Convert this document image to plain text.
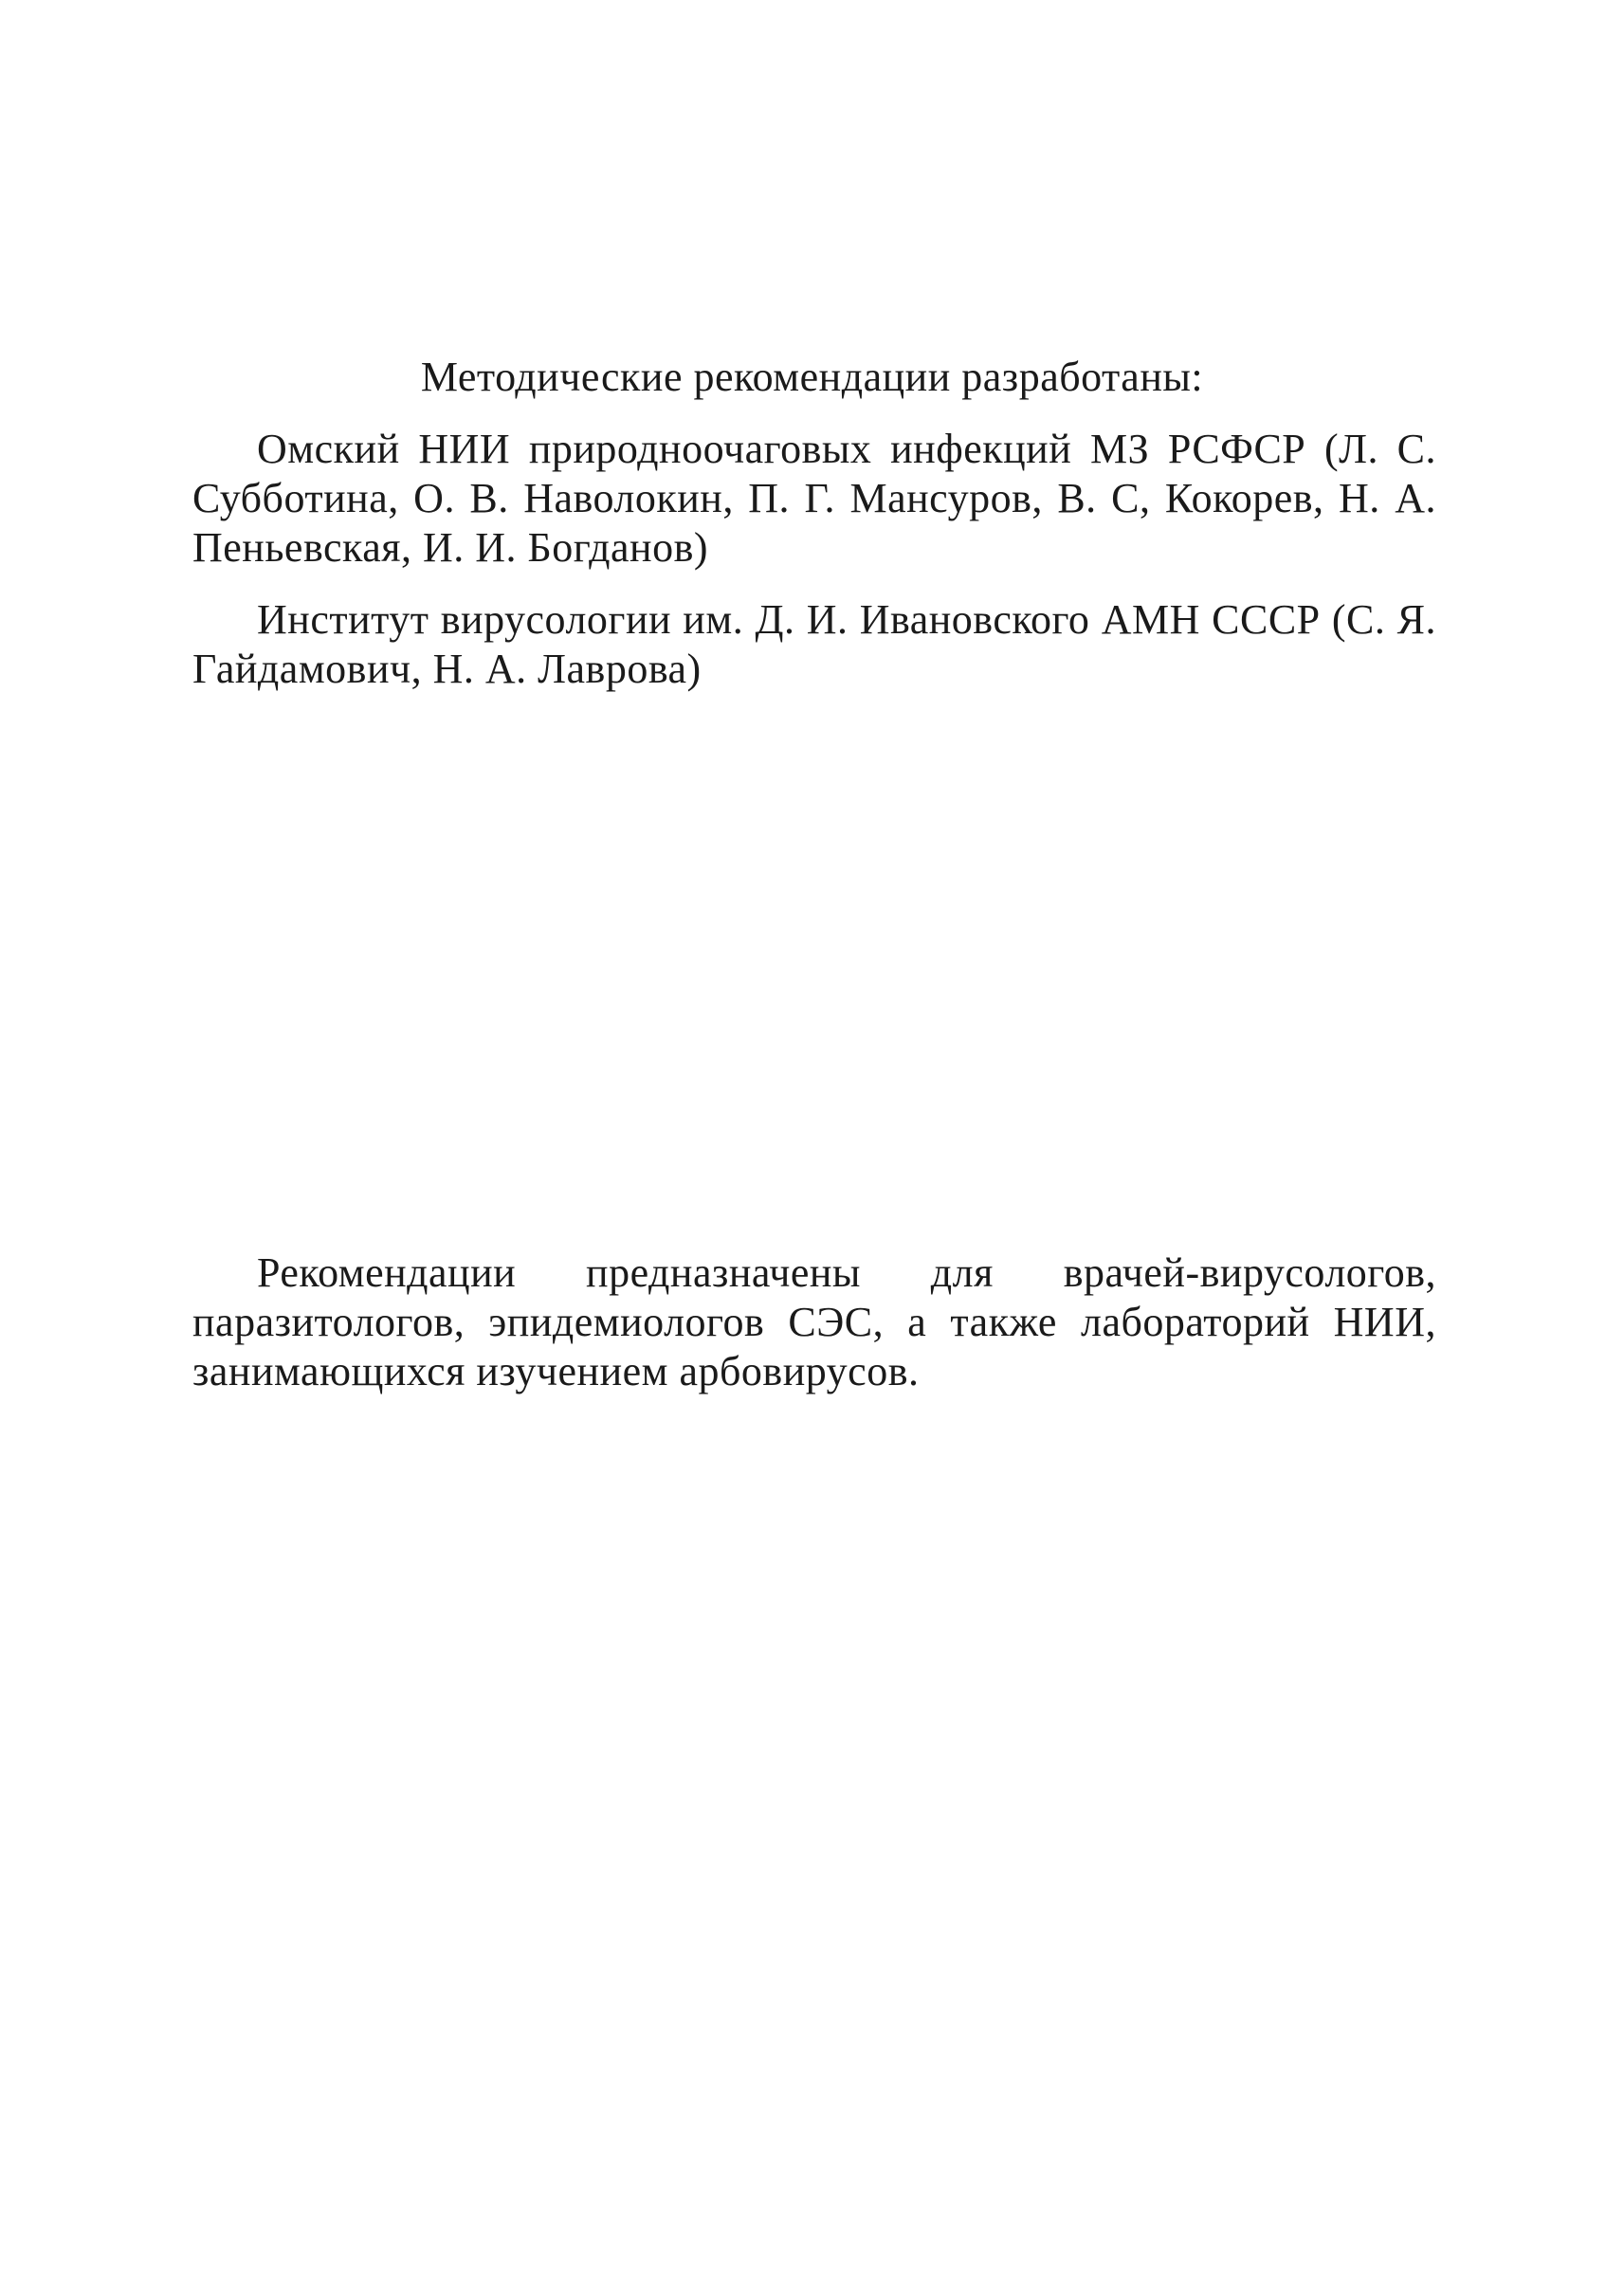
Методические рекомендации разработаны:

Омский НИИ природноочаговых инфекций МЗ РСФСР (Л. С. Субботина, О. В. Наволокин, П. Г. Мансуров, В. С, Кокорев, Н. А. Пеньевская, И. И. Богданов)

Институт вирусологии им. Д. И. Ивановского АМН СССР (С. Я. Гайдамович, Н. А. Лаврова)

Рекомендации предназначены для врачей-вирусологов, паразитологов, эпидемиологов СЭС, а также лабораторий НИИ, занимающихся изучением арбовирусов.
